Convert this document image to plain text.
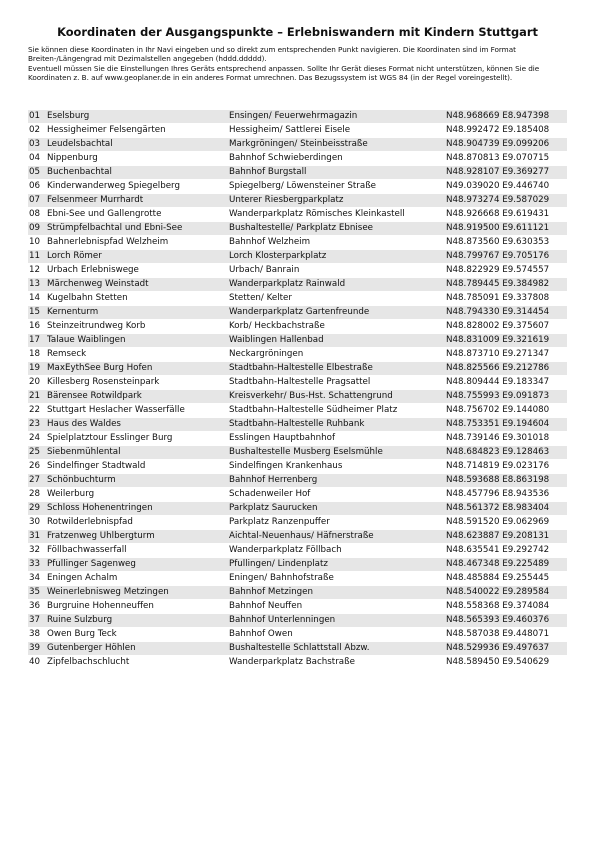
Koordinaten der Ausgangspunkte – Erlebniswandern mit Kindern Stuttgart

Sie können diese Koordinaten in Ihr Navi eingeben und so direkt zum entsprechenden Punkt navigieren. Die Koordinaten sind im Format Breiten-/Längengrad mit Dezimalstellen angegeben (hddd.ddddd).

Eventuell müssen Sie die Einstellungen Ihres Geräts entsprechend anpassen. Sollte Ihr Gerät dieses Format nicht unterstützen, können Sie die Koordinaten z. B. auf www.geoplaner.de in ein anderes Format umrechnen. Das Bezugssystem ist WGS 84 (in der Regel voreingestellt).

01	Eselsburg	Ensingen/ Feuerwehrmagazin	N48.968669 E8.947398
02	Hessigheimer Felsengärten	Hessigheim/ Sattlerei Eisele	N48.992472 E9.185408
03	Leudelsbachtal	Markgröningen/ Steinbeisstraße	N48.904739 E9.099206
04	Nippenburg	Bahnhof Schwieberdingen	N48.870813 E9.070715
05	Buchenbachtal	Bahnhof Burgstall	N48.928107 E9.369277
06	Kinderwanderweg Spiegelberg	Spiegelberg/ Löwensteiner Straße	N49.039020 E9.446740
07	Felsenmeer Murrhardt	Unterer Riesbergparkplatz	N48.973274 E9.587029
08	Ebni-See und Gallengrotte	Wanderparkplatz Römisches Kleinkastell	N48.926668 E9.619431
09	Strümpfelbachtal und Ebni-See	Bushaltestelle/ Parkplatz Ebnisee	N48.919500 E9.611121
10	Bahnerlebnispfad Welzheim	Bahnhof Welzheim	N48.873560 E9.630353
11	Lorch Römer	Lorch Klosterparkplatz	N48.799767 E9.705176
12	Urbach Erlebniswege	Urbach/ Banrain	N48.822929 E9.574557
13	Märchenweg Weinstadt	Wanderparkplatz Rainwald	N48.789445 E9.384982
14	Kugelbahn Stetten	Stetten/ Kelter	N48.785091 E9.337808
15	Kernenturm	Wanderparkplatz Gartenfreunde	N48.794330 E9.314454
16	Steinzeitrundweg Korb	Korb/ Heckbachstraße	N48.828002 E9.375607
17	Talaue Waiblingen	Waiblingen Hallenbad	N48.831009 E9.321619
18	Remseck	Neckargröningen	N48.873710 E9.271347
19	MaxEythSee Burg Hofen	Stadtbahn-Haltestelle Elbestraße	N48.825566 E9.212786
20	Killesberg Rosensteinpark	Stadtbahn-Haltestelle Pragsattel	N48.809444 E9.183347
21	Bärensee Rotwildpark	Kreisverkehr/ Bus-Hst. Schattengrund	N48.755993 E9.091873
22	Stuttgart Heslacher Wasserfälle	Stadtbahn-Haltestelle Südheimer Platz	N48.756702 E9.144080
23	Haus des Waldes	Stadtbahn-Haltestelle Ruhbank	N48.753351 E9.194604
24	Spielplatztour Esslinger Burg	Esslingen Hauptbahnhof	N48.739146 E9.301018
25	Siebenmühlental	Bushaltestelle Musberg Eselsmühle	N48.684823 E9.128463
26	Sindelfinger Stadtwald	Sindelfingen Krankenhaus	N48.714819 E9.023176
27	Schönbuchturm	Bahnhof Herrenberg	N48.593688 E8.863198
28	Weilerburg	Schadenweiler Hof	N48.457796 E8.943536
29	Schloss Hohenentringen	Parkplatz Saurucken	N48.561372 E8.983404
30	Rotwilderlebnispfad	Parkplatz Ranzenpuffer	N48.591520 E9.062969
31	Fratzenweg Uhlbergturm	Aichtal-Neuenhaus/ Häfnerstraße	N48.623887 E9.208131
32	Föllbachwasserfall	Wanderparkplatz Föllbach	N48.635541 E9.292742
33	Pfullinger Sagenweg	Pfullingen/ Lindenplatz	N48.467348 E9.225489
34	Eningen Achalm	Eningen/ Bahnhofstraße	N48.485884 E9.255445
35	Weinerlebnisweg Metzingen	Bahnhof Metzingen	N48.540022 E9.289584
36	Burgruine Hohenneuffen	Bahnhof Neuffen	N48.558368 E9.374084
37	Ruine Sulzburg	Bahnhof Unterlenningen	N48.565393 E9.460376
38	Owen Burg Teck	Bahnhof Owen	N48.587038 E9.448071
39	Gutenberger Höhlen	Bushaltestelle Schlattstall Abzw.	N48.529936 E9.497637
40	Zipfelbachschlucht	Wanderparkplatz Bachstraße	N48.589450 E9.540629
